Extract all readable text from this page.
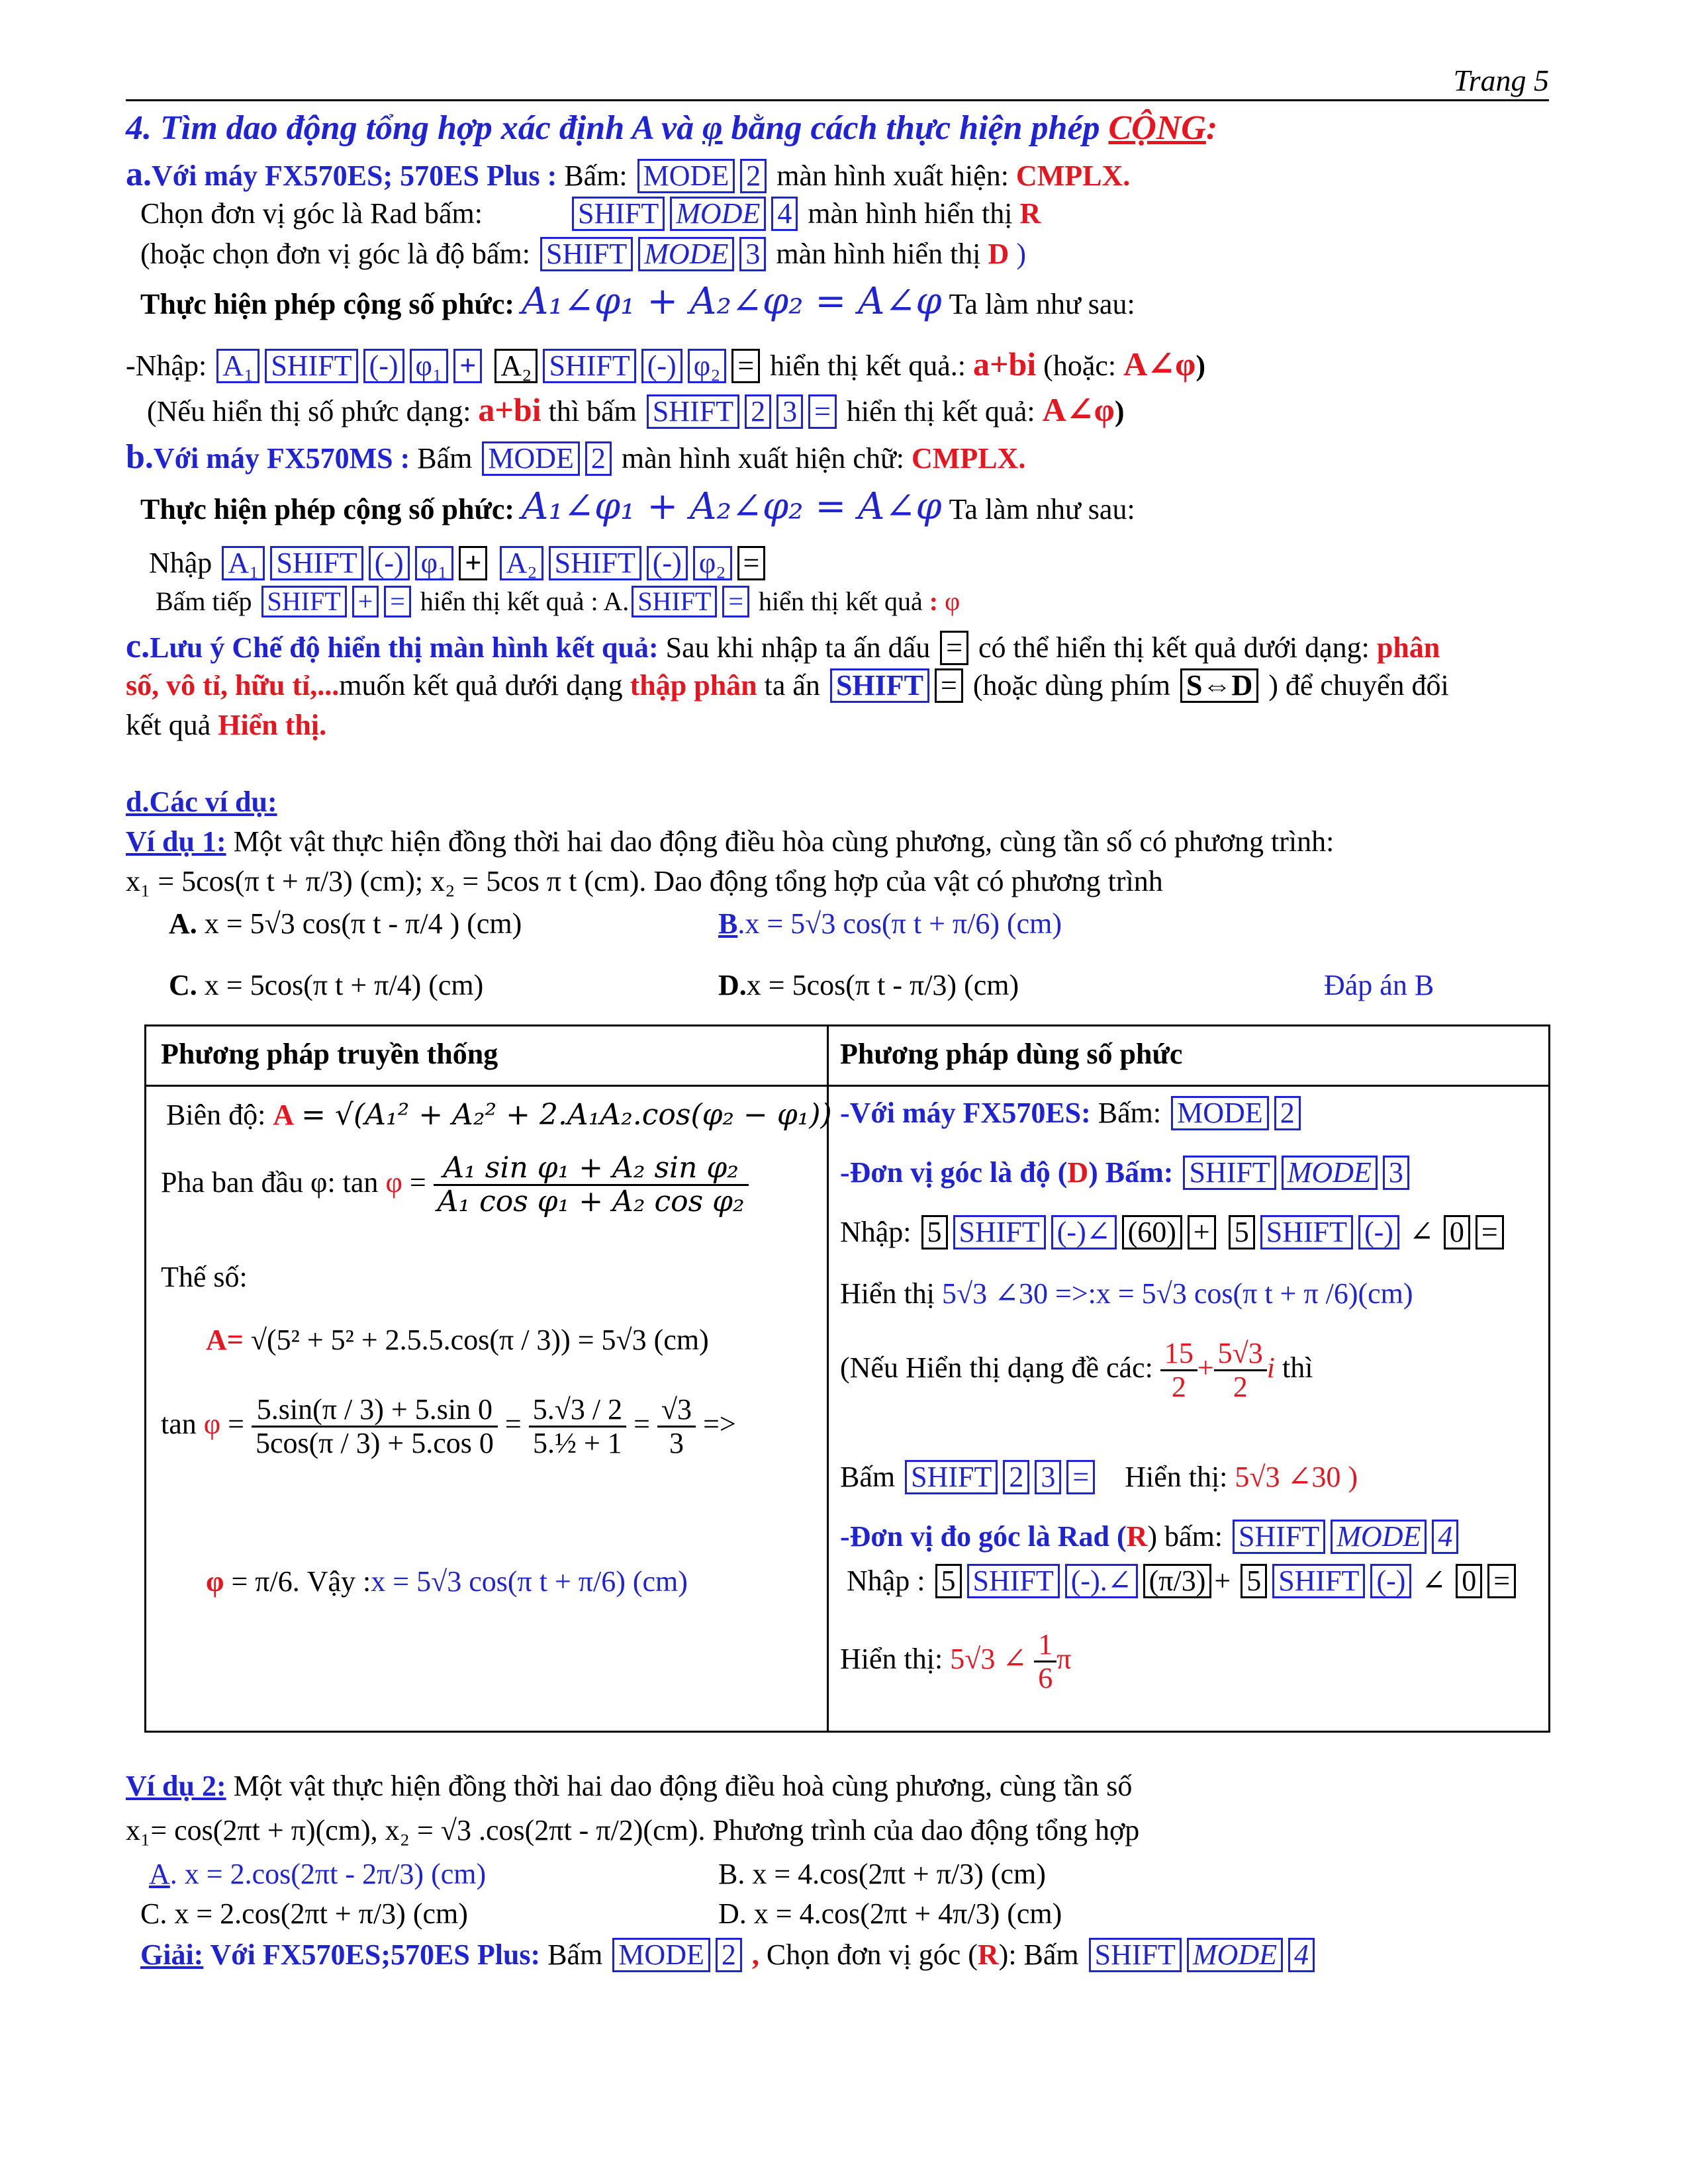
Trang 5
4. Tìm dao động tổng hợp xác định A và φ bằng cách thực hiện phép CỘNG:
a.Với máy FX570ES; 570ES Plus : Bấm: MODE 2 màn hình xuất hiện: CMPLX.
Chọn đơn vị góc là Rad bấm:	SHIFT MODE 4 màn hình hiển thị R
(hoặc chọn đơn vị góc là độ bấm: SHIFT MODE 3 màn hình hiển thị D )
Thực hiện phép cộng số phức: A₁∠φ₁ + A₂∠φ₂ = A∠φ Ta làm như sau:
-Nhập: A₁ SHIFT (-) φ₁ + A₂ SHIFT (-) φ₂ = hiển thị kết quả.: a+bi (hoặc: A∠φ)
(Nếu hiển thị số phức dạng: a+bi thì bấm SHIFT 2 3 = hiển thị kết quả: A∠φ)
b.Với máy FX570MS : Bấm MODE 2 màn hình xuất hiện chữ: CMPLX.
Thực hiện phép cộng số phức: A₁∠φ₁ + A₂∠φ₂ = A∠φ Ta làm như sau:
Nhập A₁ SHIFT (-) φ₁ + A₂ SHIFT (-) φ₂ =
Bấm tiếp SHIFT + = hiển thị kết quả : A. SHIFT = hiển thị kết quả : φ
c.Lưu ý Chế độ hiển thị màn hình kết quả: Sau khi nhập ta ấn dấu = có thể hiển thị kết quả dưới dạng: phân
số, vô tỉ, hữu tỉ,...muốn kết quả dưới dạng thập phân ta ấn SHIFT = (hoặc dùng phím S⇔D ) để chuyển đổi
kết quả Hiển thị.
d.Các ví dụ:
Ví dụ 1: Một vật thực hiện đồng thời hai dao động điều hòa cùng phương, cùng tần số có phương trình:
x₁ = 5cos(π t + π/3) (cm); x₂ = 5cos π t (cm). Dao động tổng hợp của vật có phương trình
A. x = 5√3 cos(π t - π/4 ) (cm)	B.x = 5√3 cos(π t + π/6) (cm)
C. x = 5cos(π t + π/4) (cm)	D.x = 5cos(π t - π/3) (cm)	Đáp án B
Phương pháp truyền thống	Phương pháp dùng số phức
Biên độ: A = √(A₁² + A₂² + 2.A₁A₂.cos(φ₂ − φ₁))
Pha ban đầu φ: $\tan \varphi = \frac{\text{A₁ sin φ₁ + A₂ sin φ₂}}{\text{A₁ cos φ₁ + A₂ cos φ₂}}$
Thế số:
A= √(5² + 5² + 2.5.5.cos(π / 3)) = 5√3 (cm)
$\tan \varphi = \frac{5.\sin(\pi / 3) + 5.\sin 0}{5\cos(\pi / 3) + 5.\cos 0} = \frac{5.√3 / 2}{\text{5.½ + 1}} = \frac{√3}{3}$ =>
φ = π/6. Vậy :x = 5√3 cos(π t + π/6) (cm)
-Với máy FX570ES: Bấm: MODE 2
-Đơn vị góc là độ (D) Bấm: SHIFT MODE 3
Nhập: 5 SHIFT (-)∠ (60) + 5 SHIFT (-) ∠ 0 =
Hiển thị 5√3 ∠30 =>:x = 5√3 cos(π t + π /6)(cm)
(Nếu Hiển thị dạng đề các: $\frac{15}{2} + \frac{5√3}{2}$ i thì
Bấm SHIFT 2 3 = Hiển thị: 5√3 ∠30 )
-Đơn vị đo góc là Rad (R) bấm: SHIFT MODE 4
Nhập : 5 SHIFT (-).∠ (π/3) + 5 SHIFT (-) ∠ 0 =
Hiển thị: 5√3 ∠ $\frac{1}{6}$ π
Ví dụ 2: Một vật thực hiện đồng thời hai dao động điều hoà cùng phương, cùng tần số
x₁= cos(2πt + π)(cm), x₂ = √3 .cos(2πt - π/2)(cm). Phương trình của dao động tổng hợp
A. x = 2.cos(2πt - 2π/3) (cm)	B. x = 4.cos(2πt + π/3) (cm)
C. x = 2.cos(2πt + π/3) (cm)	D. x = 4.cos(2πt + 4π/3) (cm)
Giải: Với FX570ES;570ES Plus: Bấm MODE 2 , Chọn đơn vị góc (R): Bấm SHIFT MODE 4
